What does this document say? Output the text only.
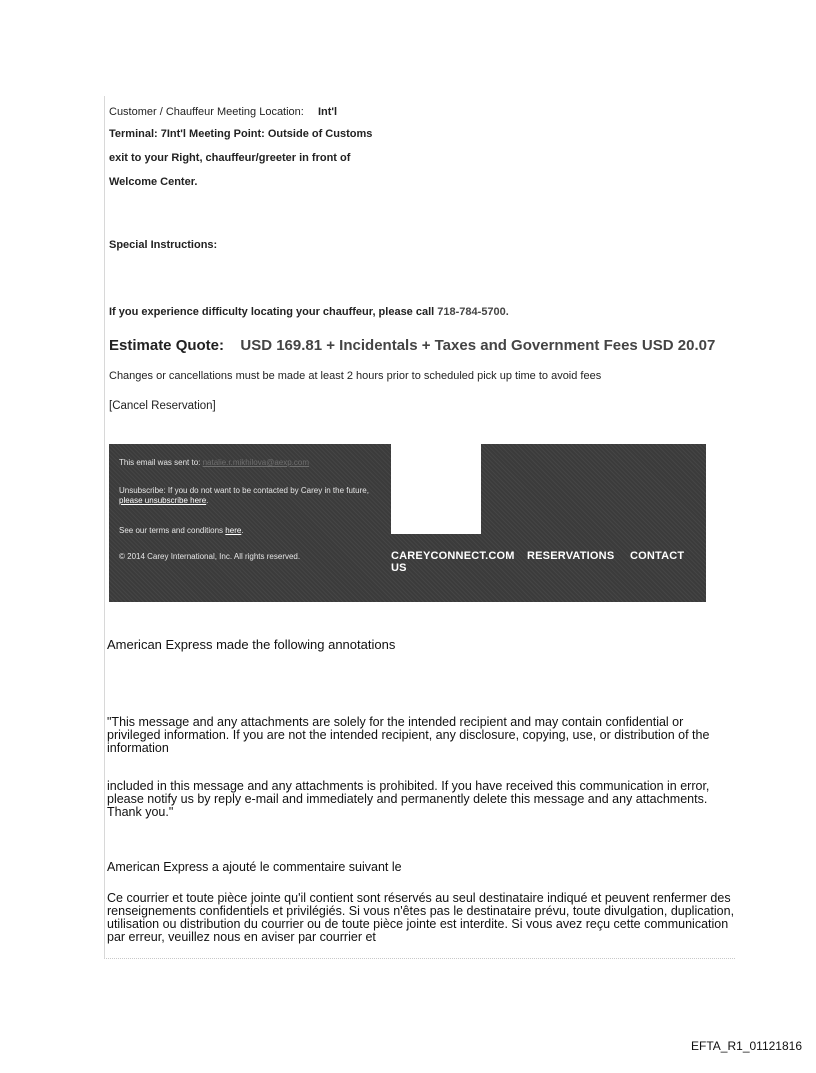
Customer / Chauffeur Meeting Location: Int'l
Terminal: 7Int'l Meeting Point: Outside of Customs
exit to your Right, chauffeur/greeter in front of
Welcome Center.
Special Instructions:
If you experience difficulty locating your chauffeur, please call 718-784-5700.
Estimate Quote: USD 169.81 + Incidentals + Taxes and Government Fees USD 20.07
Changes or cancellations must be made at least 2 hours prior to scheduled pick up time to avoid fees
[Cancel Reservation]
This email was sent to: natalie.r.mikhilova@aexp.com
Unsubscribe: If you do not want to be contacted by Carey in the future, please unsubscribe here.
See our terms and conditions here.
© 2014 Carey International, Inc. All rights reserved.	CAREYCONNECT.COM RESERVATIONS CONTACT
US
American Express made the following annotations
"This message and any attachments are solely for the intended recipient and may contain confidential or privileged information. If you are not the intended recipient, any disclosure, copying, use, or distribution of the information
included in this message and any attachments is prohibited. If you have received this communication in error, please notify us by reply e-mail and immediately and permanently delete this message and any attachments. Thank you."
American Express a ajouté le commentaire suivant le
Ce courrier et toute pièce jointe qu'il contient sont réservés au seul destinataire indiqué et peuvent renfermer des renseignements confidentiels et privilégiés. Si vous n'êtes pas le destinataire prévu, toute divulgation, duplication, utilisation ou distribution du courrier ou de toute pièce jointe est interdite. Si vous avez reçu cette communication par erreur, veuillez nous en aviser par courrier et
EFTA_R1_01121816
